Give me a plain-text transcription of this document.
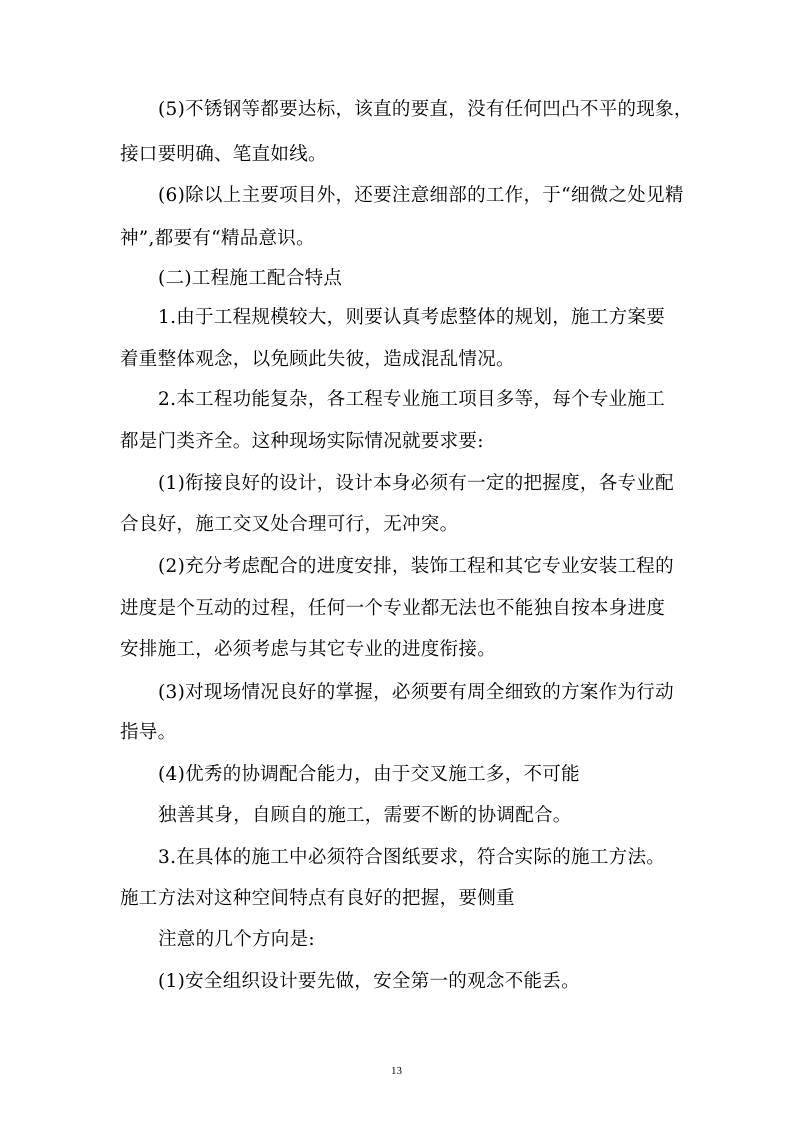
(5)不锈钢等都要达标，该直的要直，没有任何凹凸不平的现象，
接口要明确、笔直如线。
(6)除以上主要项目外，还要注意细部的工作，于“细微之处见精
神”,都要有“精品意识。
(二)工程施工配合特点
1.由于工程规模较大，则要认真考虑整体的规划，施工方案要
着重整体观念，以免顾此失彼，造成混乱情况。
2.本工程功能复杂，各工程专业施工项目多等，每个专业施工
都是门类齐全。这种现场实际情况就要求要:
(1)衔接良好的设计，设计本身必须有一定的把握度，各专业配
合良好，施工交叉处合理可行，无冲突。
(2)充分考虑配合的进度安排，装饰工程和其它专业安装工程的
进度是个互动的过程，任何一个专业都无法也不能独自按本身进度
安排施工，必须考虑与其它专业的进度衔接。
(3)对现场情况良好的掌握，必须要有周全细致的方案作为行动
指导。
(4)优秀的协调配合能力，由于交叉施工多，不可能
独善其身，自顾自的施工，需要不断的协调配合。
3.在具体的施工中必须符合图纸要求，符合实际的施工方法。
施工方法对这种空间特点有良好的把握，要侧重
注意的几个方向是:
(1)安全组织设计要先做，安全第一的观念不能丢。
13
